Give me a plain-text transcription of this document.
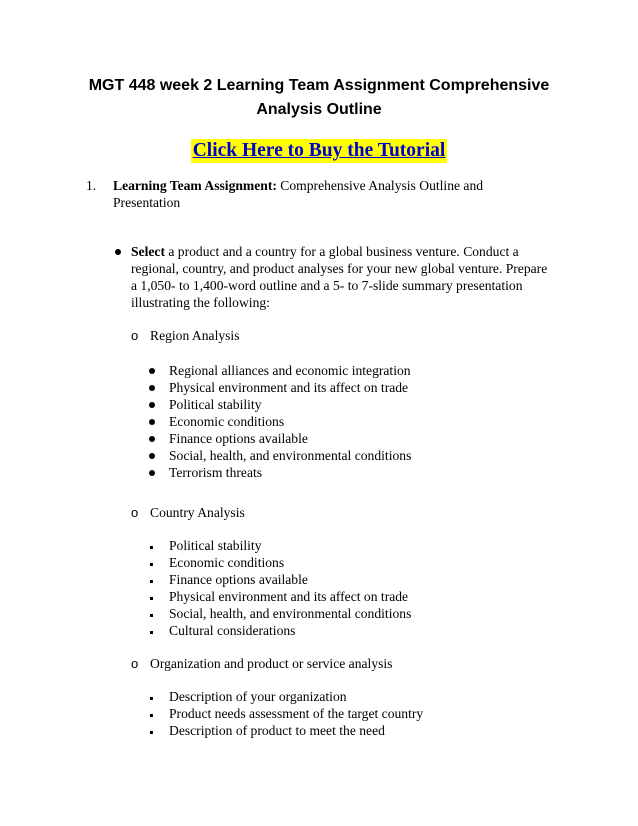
MGT 448 week 2 Learning Team Assignment Comprehensive Analysis Outline
Click Here to Buy the Tutorial
1. Learning Team Assignment: Comprehensive Analysis Outline and Presentation
Select a product and a country for a global business venture. Conduct a regional, country, and product analyses for your new global venture. Prepare a 1,050- to 1,400-word outline and a 5- to 7-slide summary presentation illustrating the following:
o Region Analysis
Regional alliances and economic integration
Physical environment and its affect on trade
Political stability
Economic conditions
Finance options available
Social, health, and environmental conditions
Terrorism threats
o Country Analysis
Political stability
Economic conditions
Finance options available
Physical environment and its affect on trade
Social, health, and environmental conditions
Cultural considerations
o Organization and product or service analysis
Description of your organization
Product needs assessment of the target country
Description of product to meet the need
